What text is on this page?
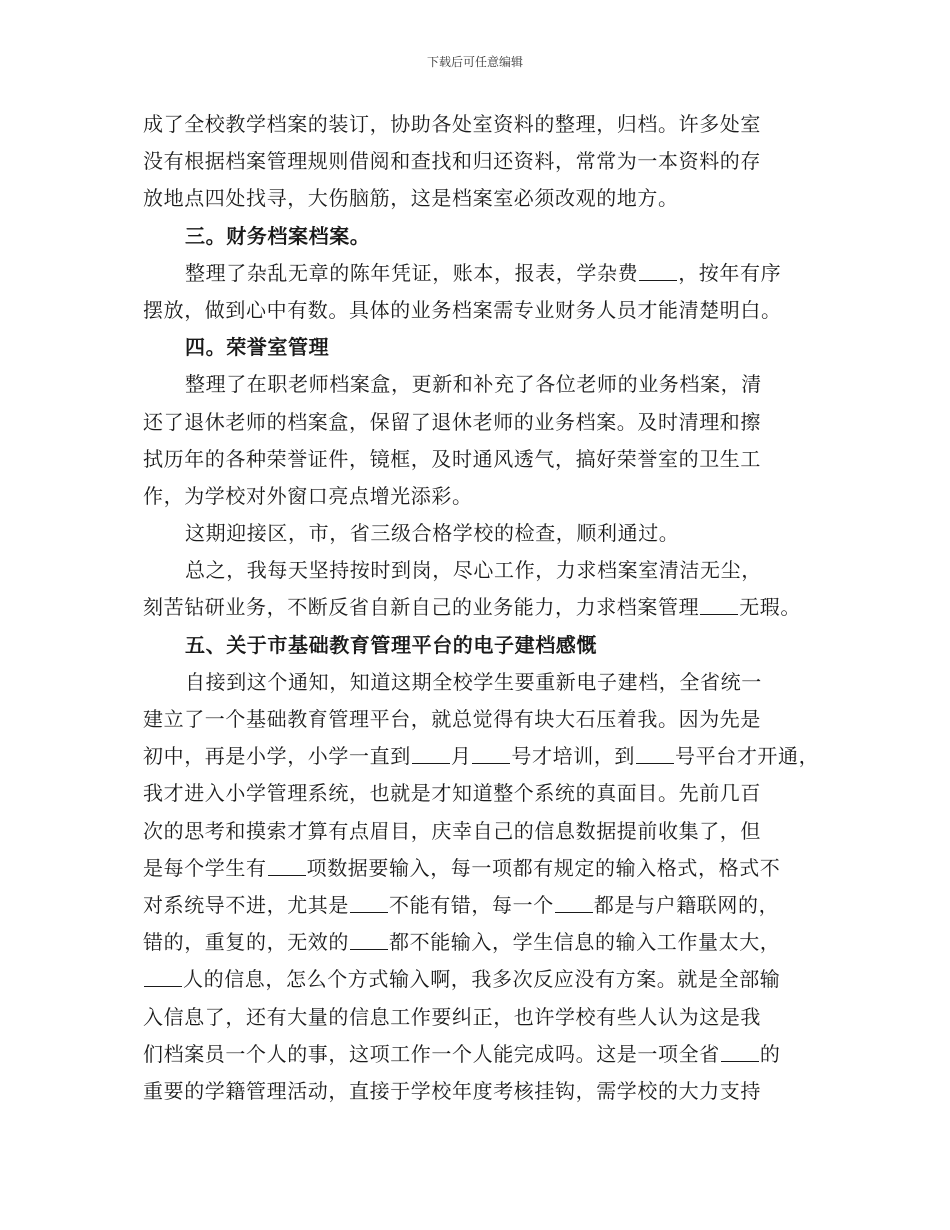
下载后可任意编辑
成了全校教学档案的装订，协助各处室资料的整理，归档。许多处室
没有根据档案管理规则借阅和查找和归还资料，常常为一本资料的存
放地点四处找寻，大伤脑筋，这是档案室必须改观的地方。
三。财务档案档案。
整理了杂乱无章的陈年凭证，账本，报表，学杂费 ，按年有序
摆放，做到心中有数。具体的业务档案需专业财务人员才能清楚明白。
四。荣誉室管理
整理了在职老师档案盒，更新和补充了各位老师的业务档案，清
还了退休老师的档案盒，保留了退休老师的业务档案。及时清理和擦
拭历年的各种荣誉证件，镜框，及时通风透气，搞好荣誉室的卫生工
作，为学校对外窗口亮点增光添彩。
这期迎接区，市，省三级合格学校的检查，顺利通过。
总之，我每天坚持按时到岗，尽心工作，力求档案室清洁无尘，
刻苦钻研业务，不断反省自新自己的业务能力，力求档案管理 无瑕。
五、关于市基础教育管理平台的电子建档感慨
自接到这个通知，知道这期全校学生要重新电子建档，全省统一
建立了一个基础教育管理平台，就总觉得有块大石压着我。因为先是
初中，再是小学，小学一直到 月 号才培训，到 号平台才开通，
我才进入小学管理系统，也就是才知道整个系统的真面目。先前几百
次的思考和摸索才算有点眉目，庆幸自己的信息数据提前收集了，但
是每个学生有 项数据要输入，每一项都有规定的输入格式，格式不
对系统导不进，尤其是 不能有错，每一个 都是与户籍联网的，
错的，重复的，无效的 都不能输入，学生信息的输入工作量太大，
人的信息，怎么个方式输入啊，我多次反应没有方案。就是全部输
入信息了，还有大量的信息工作要纠正，也许学校有些人认为这是我
们档案员一个人的事，这项工作一个人能完成吗。这是一项全省 的
重要的学籍管理活动，直接于学校年度考核挂钩，需学校的大力支持
